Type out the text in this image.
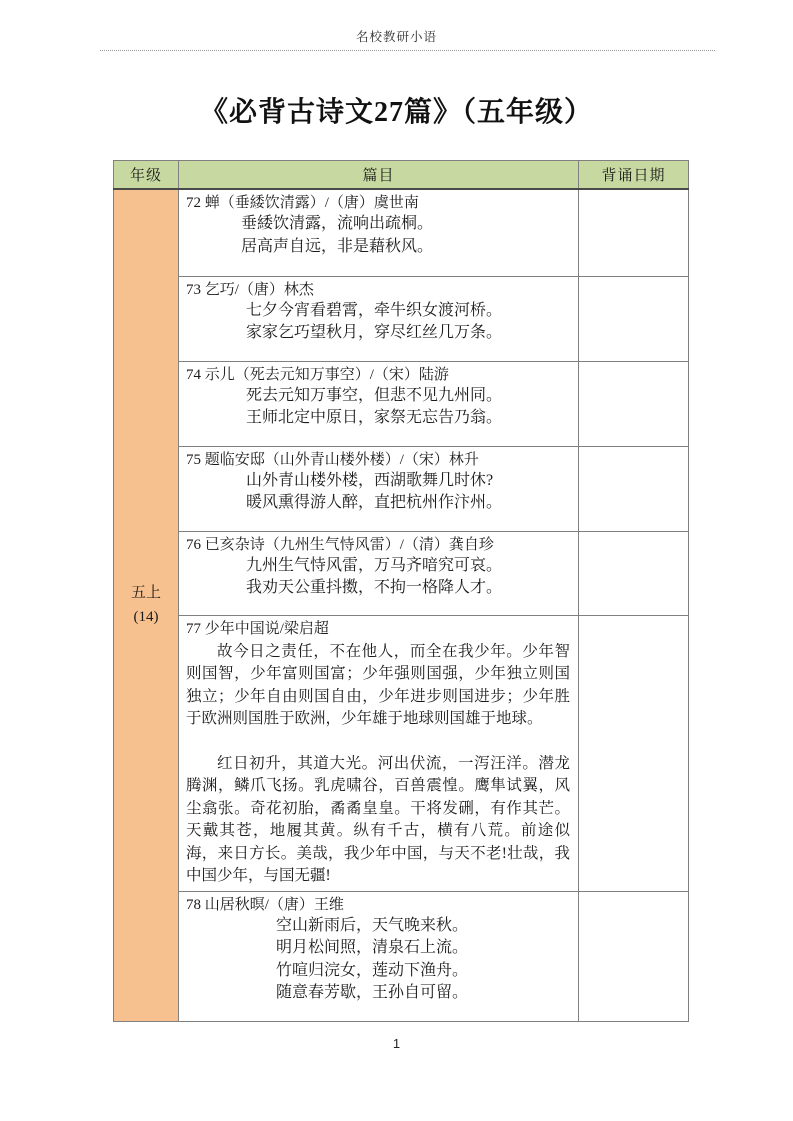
名校教研小语
《必背古诗文27篇》（五年级）
年级	篇目	背诵日期

五上
(14)

72 蝉（垂緌饮清露）/（唐）虞世南
垂緌饮清露，流响出疏桐。
居高声自远，非是藉秋风。

	73 乞巧/（唐）林杰
七夕今宵看碧霄，牵牛织女渡河桥。
家家乞巧望秋月，穿尽红丝几万条。	

	74 示儿（死去元知万事空）/（宋）陆游
死去元知万事空，但悲不见九州同。
王师北定中原日，家祭无忘告乃翁。	

	75 题临安邸（山外青山楼外楼）/（宋）林升
山外青山楼外楼，西湖歌舞几时休?
暖风熏得游人醉，直把杭州作汴州。	

	76 已亥杂诗（九州生气恃风雷）/（清）龚自珍
九州生气恃风雷，万马齐喑究可哀。
我劝天公重抖擞，不拘一格降人才。	

	77 少年中国说/梁启超
故今日之责任，不在他人，而全在我少年。少年智则国智，少年富则国富；少年强则国强，少年独立则国独立；少年自由则国自由，少年进步则国进步；少年胜于欧洲则国胜于欧洲，少年雄于地球则国雄于地球。
红日初升，其道大光。河出伏流，一泻汪洋。潜龙腾渊，鳞爪飞扬。乳虎啸谷，百兽震惶。鹰隼试翼，风尘翕张。奇花初胎，矞矞皇皇。干将发硎，有作其芒。天戴其苍，地履其黄。纵有千古，横有八荒。前途似海，来日方长。美哉，我少年中国，与天不老!壮哉，我中国少年，与国无疆!	

	78 山居秋暝/（唐）王维
空山新雨后，天气晚来秋。
明月松间照，清泉石上流。
竹喧归浣女，莲动下渔舟。
随意春芳歇，王孙自可留。	

1
